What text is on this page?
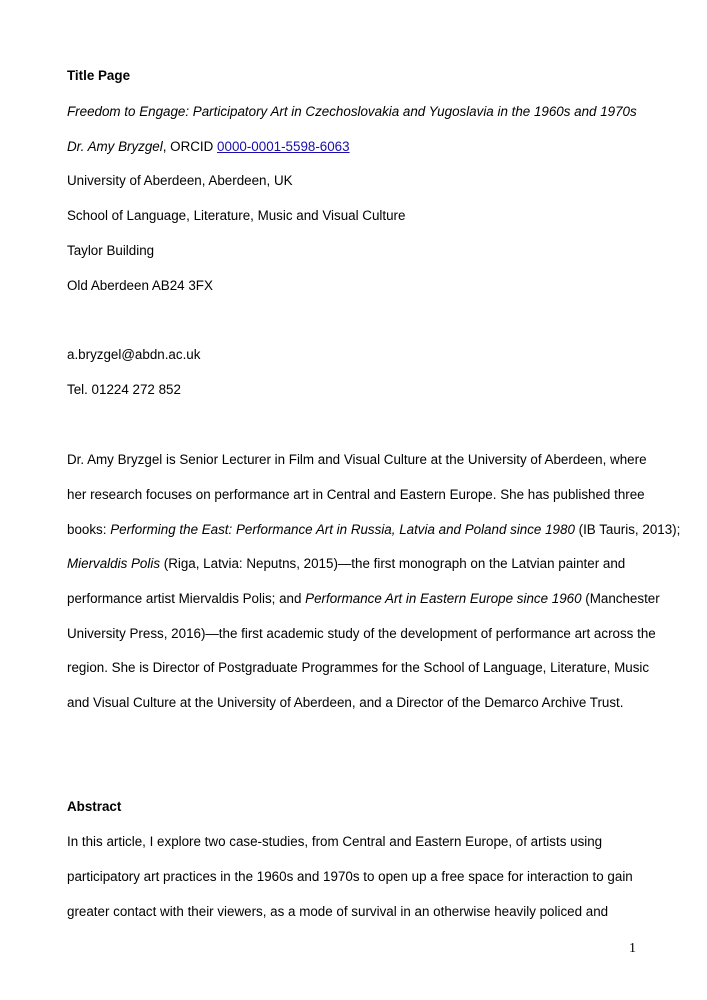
Title Page
Freedom to Engage: Participatory Art in Czechoslovakia and Yugoslavia in the 1960s and 1970s
Dr. Amy Bryzgel, ORCID 0000-0001-5598-6063
University of Aberdeen, Aberdeen, UK
School of Language, Literature, Music and Visual Culture
Taylor Building
Old Aberdeen AB24 3FX
a.bryzgel@abdn.ac.uk
Tel. 01224 272 852
Dr. Amy Bryzgel is Senior Lecturer in Film and Visual Culture at the University of Aberdeen, where
her research focuses on performance art in Central and Eastern Europe. She has published three
books: Performing the East: Performance Art in Russia, Latvia and Poland since 1980 (IB Tauris, 2013);
Miervaldis Polis (Riga, Latvia: Neputns, 2015)—the first monograph on the Latvian painter and
performance artist Miervaldis Polis; and Performance Art in Eastern Europe since 1960 (Manchester
University Press, 2016)—the first academic study of the development of performance art across the
region. She is Director of Postgraduate Programmes for the School of Language, Literature, Music
and Visual Culture at the University of Aberdeen, and a Director of the Demarco Archive Trust.
Abstract
In this article, I explore two case-studies, from Central and Eastern Europe, of artists using
participatory art practices in the 1960s and 1970s to open up a free space for interaction to gain
greater contact with their viewers, as a mode of survival in an otherwise heavily policed and
1
